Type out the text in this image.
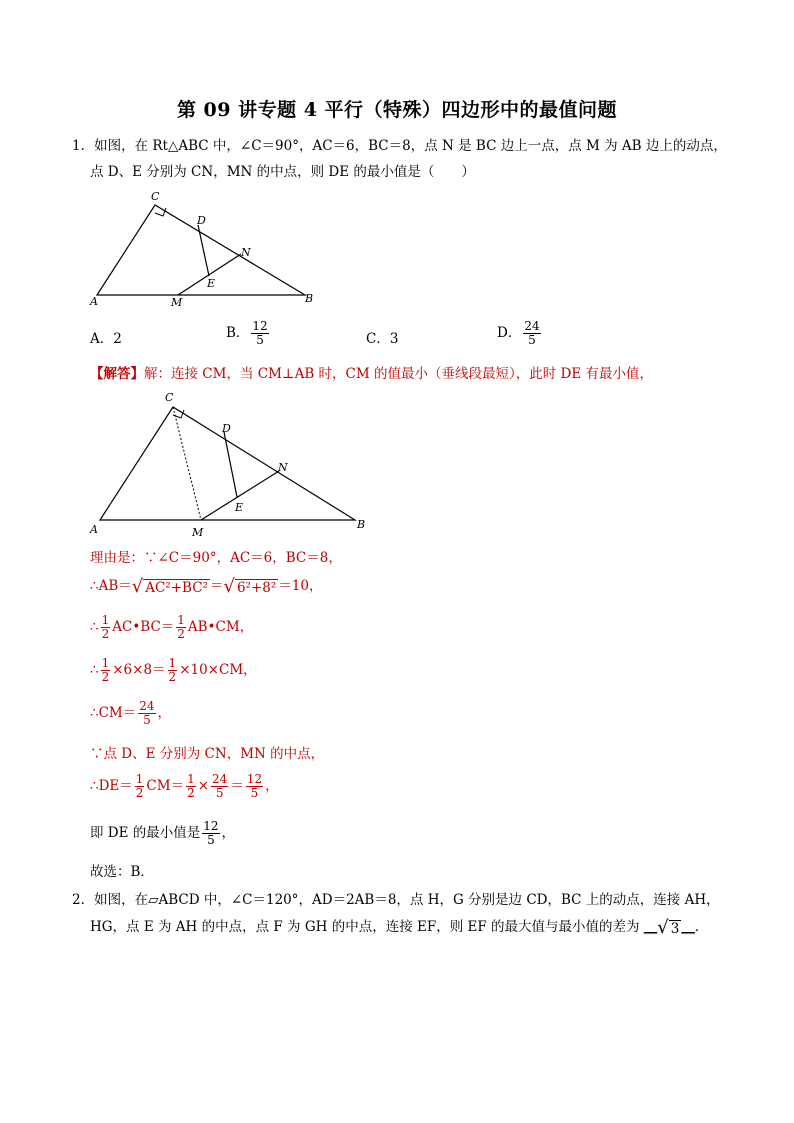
第 09 讲专题 4 平行（特殊）四边形中的最值问题
1．如图，在 Rt△ABC 中，∠C＝90°，AC＝6，BC＝8，点 N 是 BC 边上一点，点 M 为 AB 边上的动点，
点 D、E 分别为 CN，MN 的中点，则 DE 的最小值是（　　）
C
D
N
E
A	M	B
A．2	B． $\frac{12}{5}$	C．3	D． $\frac{24}{5}$
【解答】解：连接 CM，当 CM⊥AB 时，CM 的值最小（垂线段最短），此时 DE 有最小值，
C
D
N
E
A	M
B
理由是：∵∠C＝90°，AC＝6，BC＝8，
∴AB＝ √ AC²+BC² ＝ √ 6²+8² ＝10，
∴ $\frac{1}{2}$ AC•BC＝ $\frac{1}{2}$ AB•CM，
∴ $\frac{1}{2} \times 6\times 8= \frac{1}{2} \times 10\times CM$，
∴CM＝ $\frac{24}{5}$ ，
∵点 D、E 分别为 CN，MN 的中点，
∴DE＝ $\frac{1}{2} CM= \frac{1}{2} \times \frac{24}{5} = \frac{12}{5}$ ，
即 DE 的最小值是 $\frac{12}{5}$ ，
故选：B．
2．如图，在▱ABCD 中，∠C＝120°，AD＝2AB＝8，点 H，G 分别是边 CD，BC 上的动点，连接 AH，
HG，点 E 为 AH 的中点，点 F 为 GH 的中点，连接 EF，则 EF 的最大值与最小值的差为 __ √ 3 __．
